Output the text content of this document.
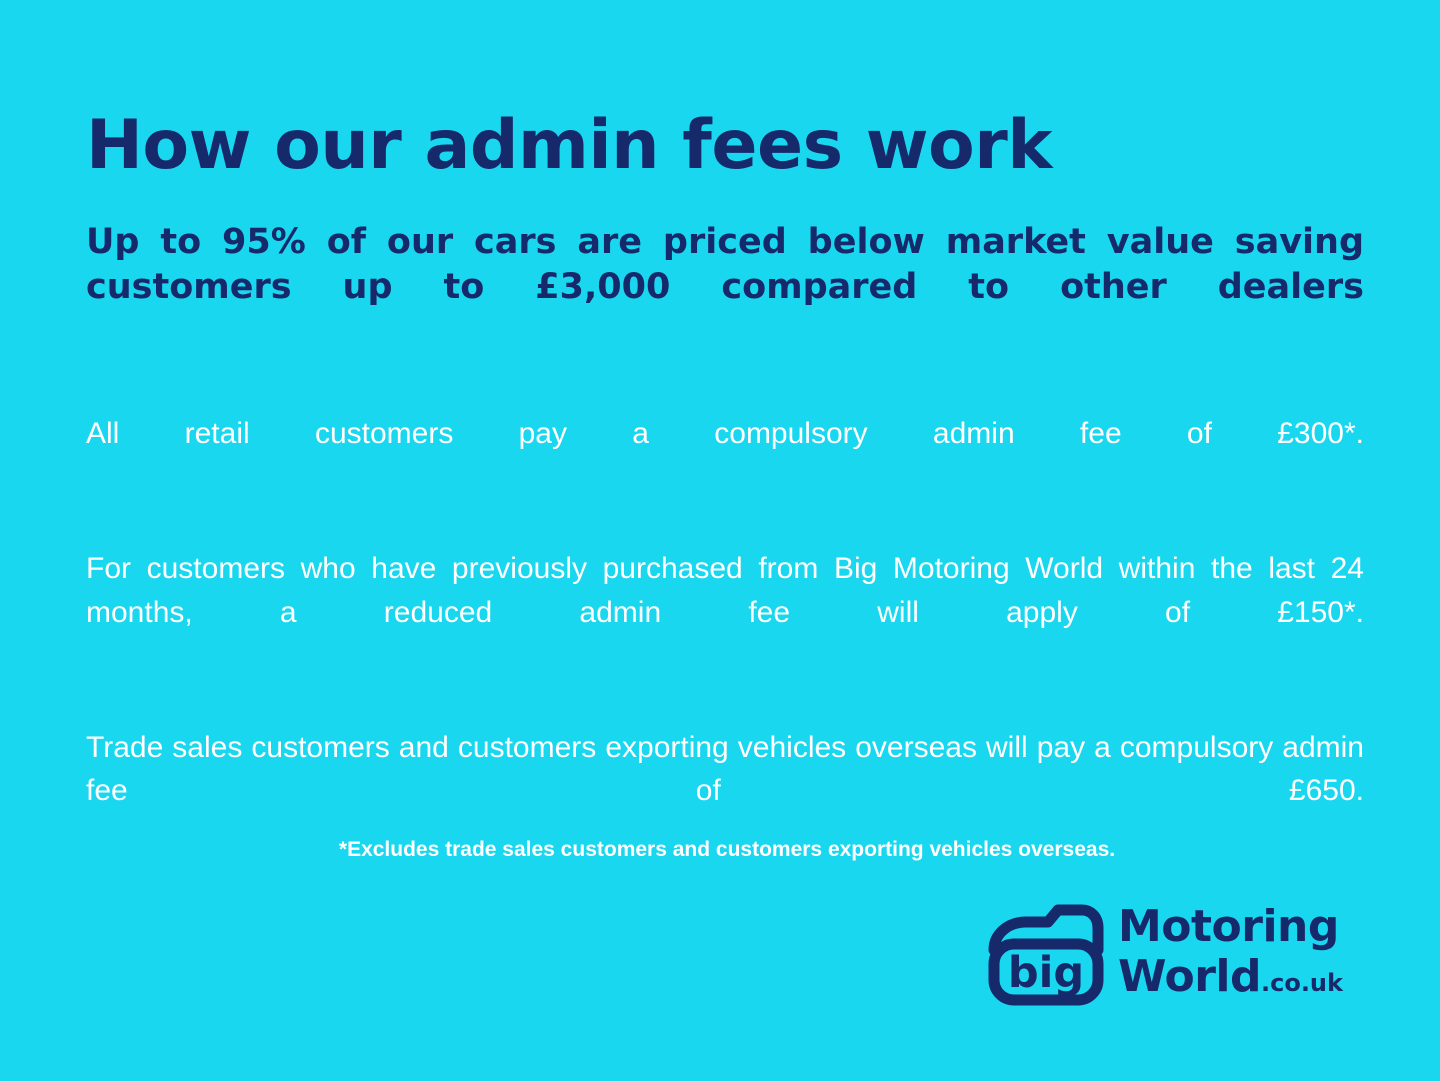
How our admin fees work

Up to 95% of our cars are priced below market value saving customers up to £3,000 compared to other dealers

All retail customers pay a compulsory admin fee of £300*.

For customers who have previously purchased from Big Motoring World within the last 24 months, a reduced admin fee will apply of £150*.

Trade sales customers and customers exporting vehicles overseas will pay a compulsory admin fee of £650.

*Excludes trade sales customers and customers exporting vehicles overseas.
big
Motoring
World.co.uk
